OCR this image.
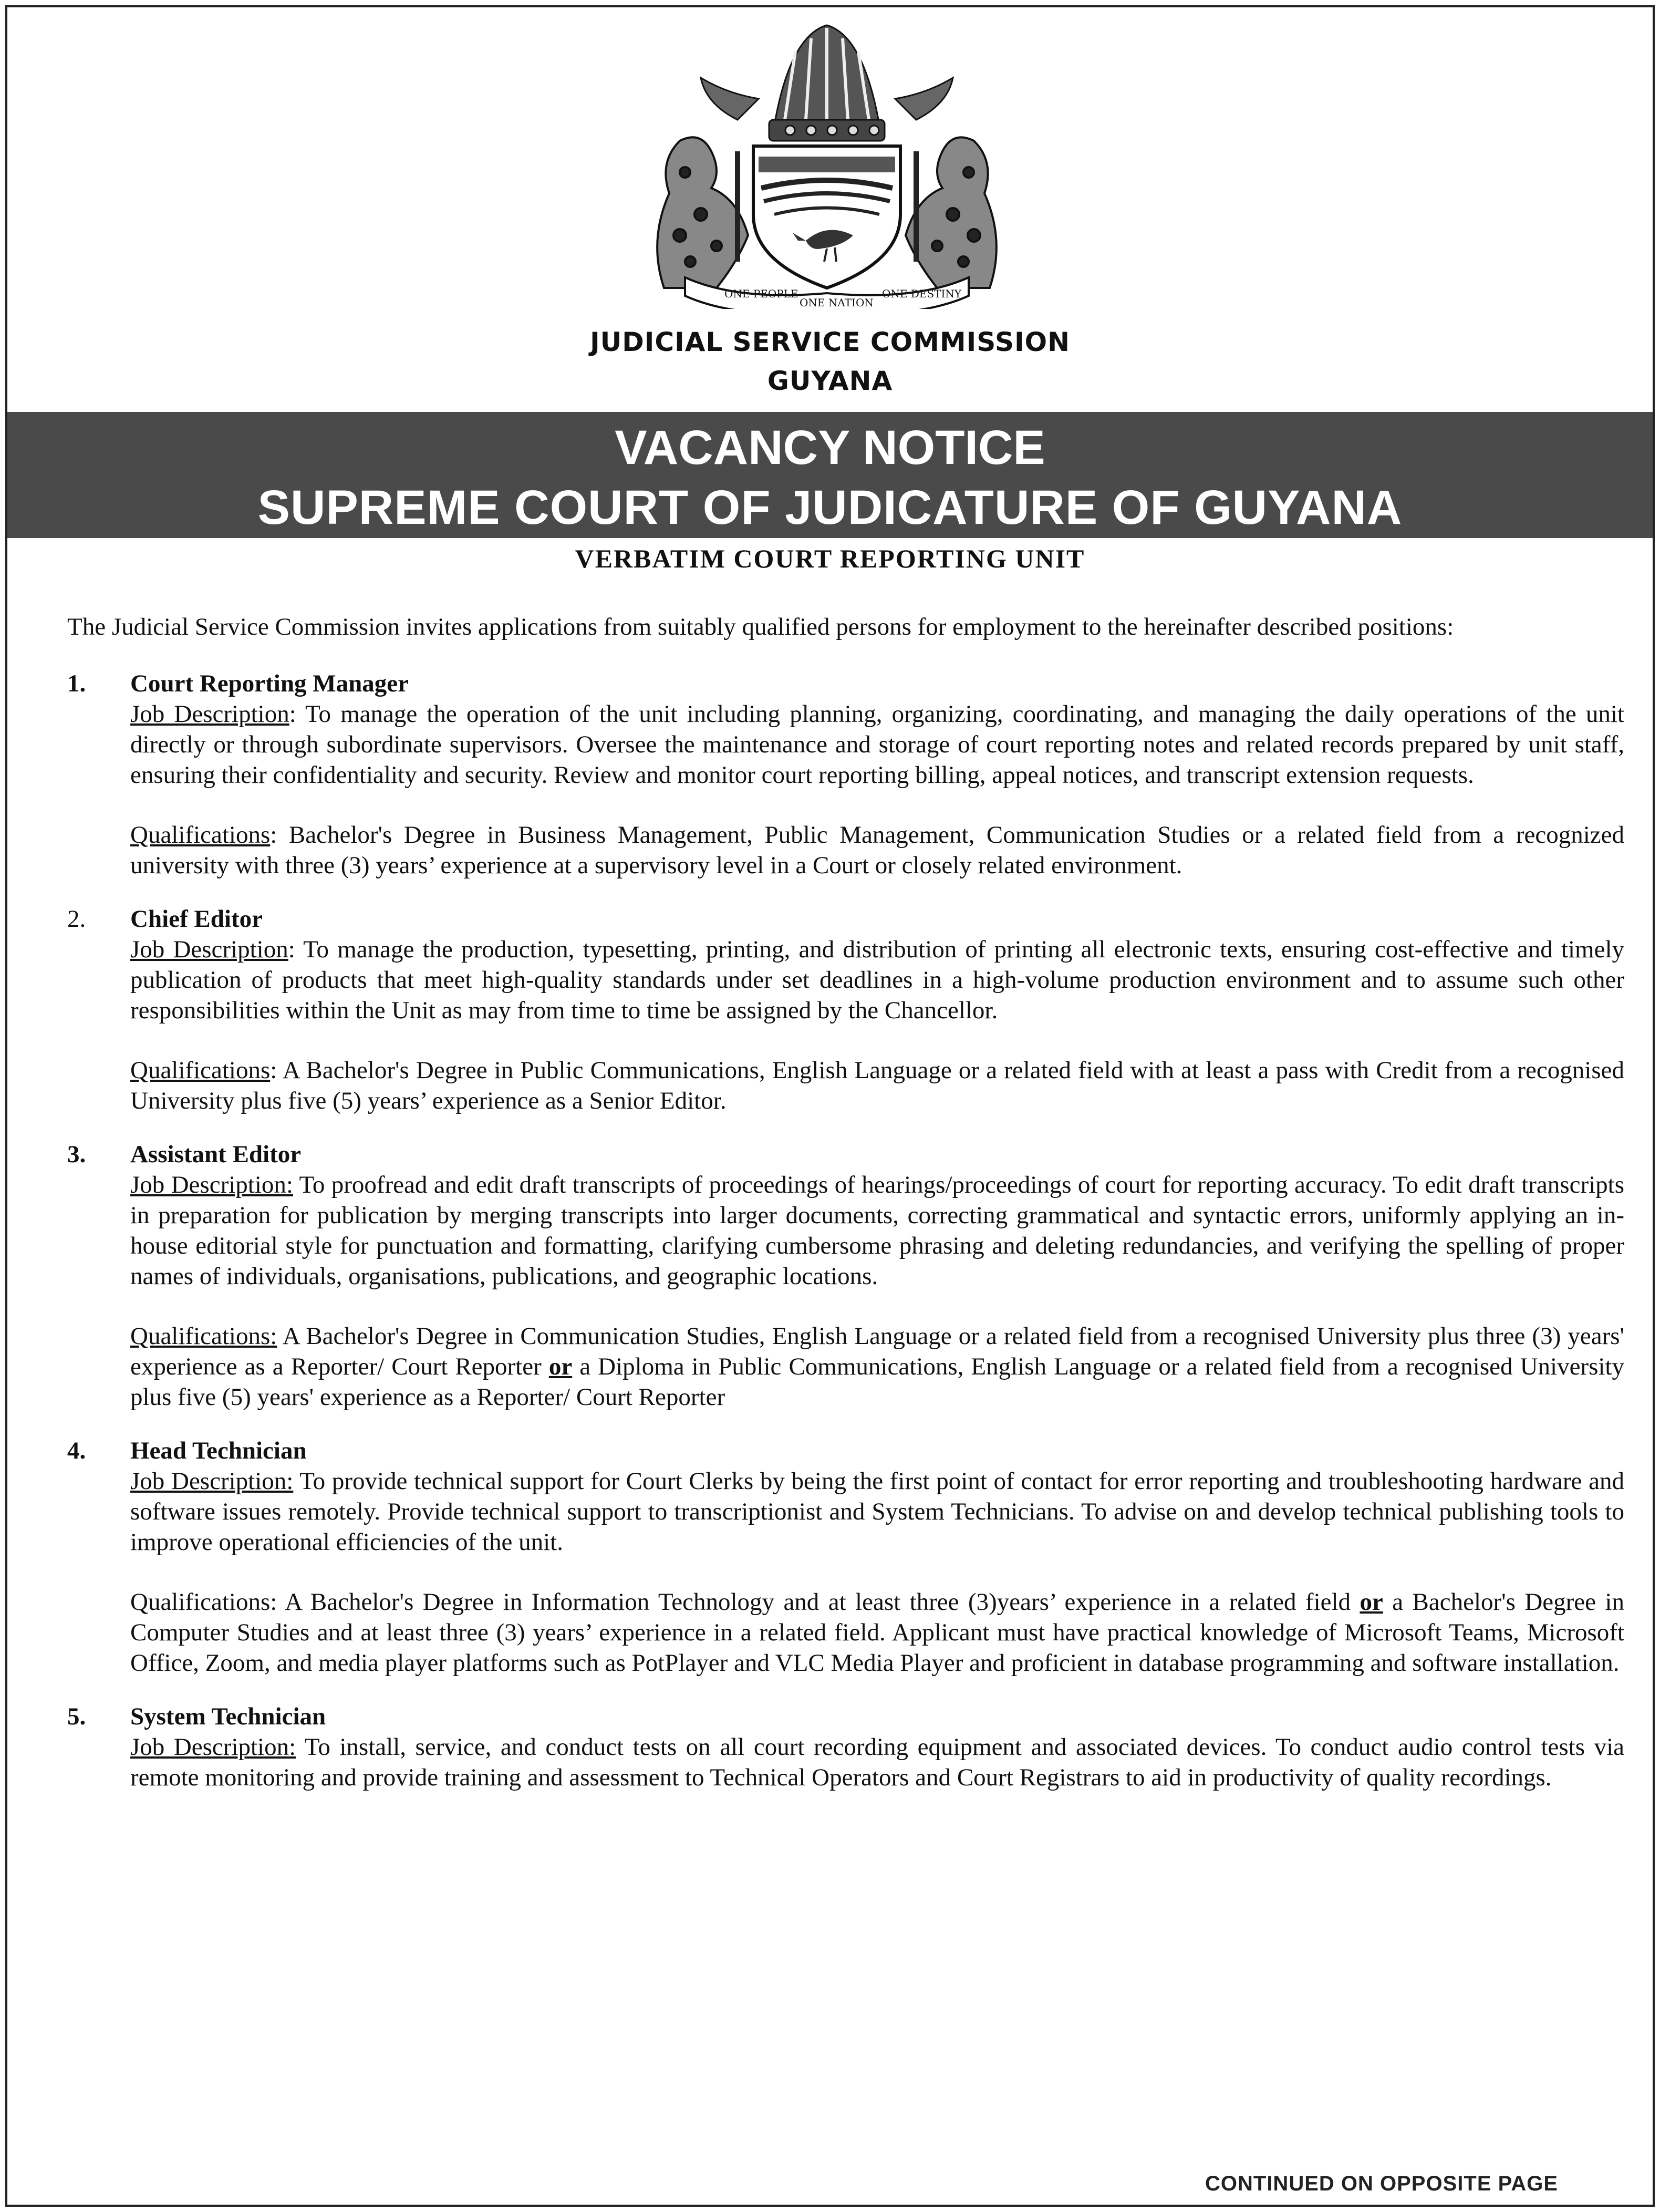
ONE PEOPLE
ONE NATION
ONE DESTINY
JUDICIAL SERVICE COMMISSION
GUYANA
VACANCY NOTICE
SUPREME COURT OF JUDICATURE OF GUYANA
VERBATIM COURT REPORTING UNIT

The Judicial Service Commission invites applications from suitably qualified persons for employment to the hereinafter described positions:

1. Court Reporting Manager

Job Description: To manage the operation of the unit including planning, organizing, coordinating, and managing the daily operations of the unit directly or through subordinate supervisors. Oversee the maintenance and storage of court reporting notes and related records prepared by unit staff, ensuring their confidentiality and security. Review and monitor court reporting billing, appeal notices, and transcript extension requests.

Qualifications: Bachelor's Degree in Business Management, Public Management, Communication Studies or a related field from a recognized university with three (3) years’ experience at a supervisory level in a Court or closely related environment.

2. Chief Editor

Job Description: To manage the production, typesetting, printing, and distribution of printing all electronic texts, ensuring cost-effective and timely publication of products that meet high-quality standards under set deadlines in a high-volume production environment and to assume such other responsibilities within the Unit as may from time to time be assigned by the Chancellor.

Qualifications: A Bachelor's Degree in Public Communications, English Language or a related field with at least a pass with Credit from a recognised University plus five (5) years’ experience as a Senior Editor.

3. Assistant Editor

Job Description: To proofread and edit draft transcripts of proceedings of hearings/proceedings of court for reporting accuracy. To edit draft transcripts in preparation for publication by merging transcripts into larger documents, correcting grammatical and syntactic errors, uniformly applying an in-house editorial style for punctuation and formatting, clarifying cumbersome phrasing and deleting redundancies, and verifying the spelling of proper names of individuals, organisations, publications, and geographic locations.

Qualifications: A Bachelor's Degree in Communication Studies, English Language or a related field from a recognised University plus three (3) years' experience as a Reporter/ Court Reporter or a Diploma in Public Communications, English Language or a related field from a recognised University plus five (5) years' experience as a Reporter/ Court Reporter

4. Head Technician

Job Description: To provide technical support for Court Clerks by being the first point of contact for error reporting and troubleshooting hardware and software issues remotely. Provide technical support to transcriptionist and System Technicians. To advise on and develop technical publishing tools to improve operational efficiencies of the unit.

Qualifications: A Bachelor's Degree in Information Technology and at least three (3)years’ experience in a related field or a Bachelor's Degree in Computer Studies and at least three (3) years’ experience in a related field. Applicant must have practical knowledge of Microsoft Teams, Microsoft Office, Zoom, and media player platforms such as PotPlayer and VLC Media Player and proficient in database programming and software installation.

5. System Technician

Job Description: To install, service, and conduct tests on all court recording equipment and associated devices. To conduct audio control tests via remote monitoring and provide training and assessment to Technical Operators and Court Registrars to aid in productivity of quality recordings.

CONTINUED ON OPPOSITE PAGE
